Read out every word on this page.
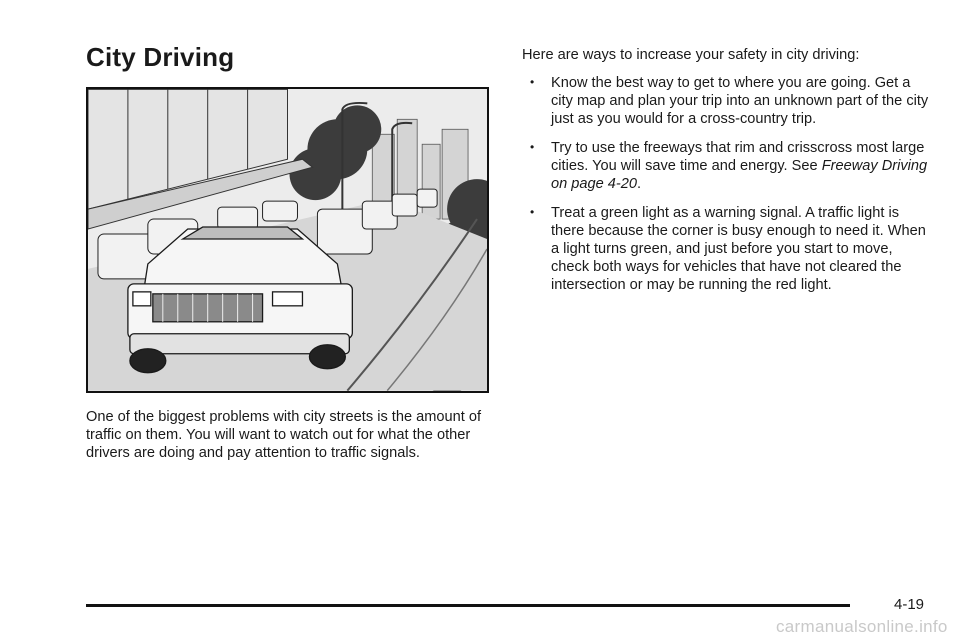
City Driving

One of the biggest problems with city streets is the amount of traffic on them. You will want to watch out for what the other drivers are doing and pay attention to traffic signals.

Here are ways to increase your safety in city driving:

• Know the best way to get to where you are going. Get a city map and plan your trip into an unknown part of the city just as you would for a cross-country trip.
• Try to use the freeways that rim and crisscross most large cities. You will save time and energy. See Freeway Driving on page 4-20.
• Treat a green light as a warning signal. A traffic light is there because the corner is busy enough to need it. When a light turns green, and just before you start to move, check both ways for vehicles that have not cleared the intersection or may be running the red light.
4-19
carmanualsonline.info
